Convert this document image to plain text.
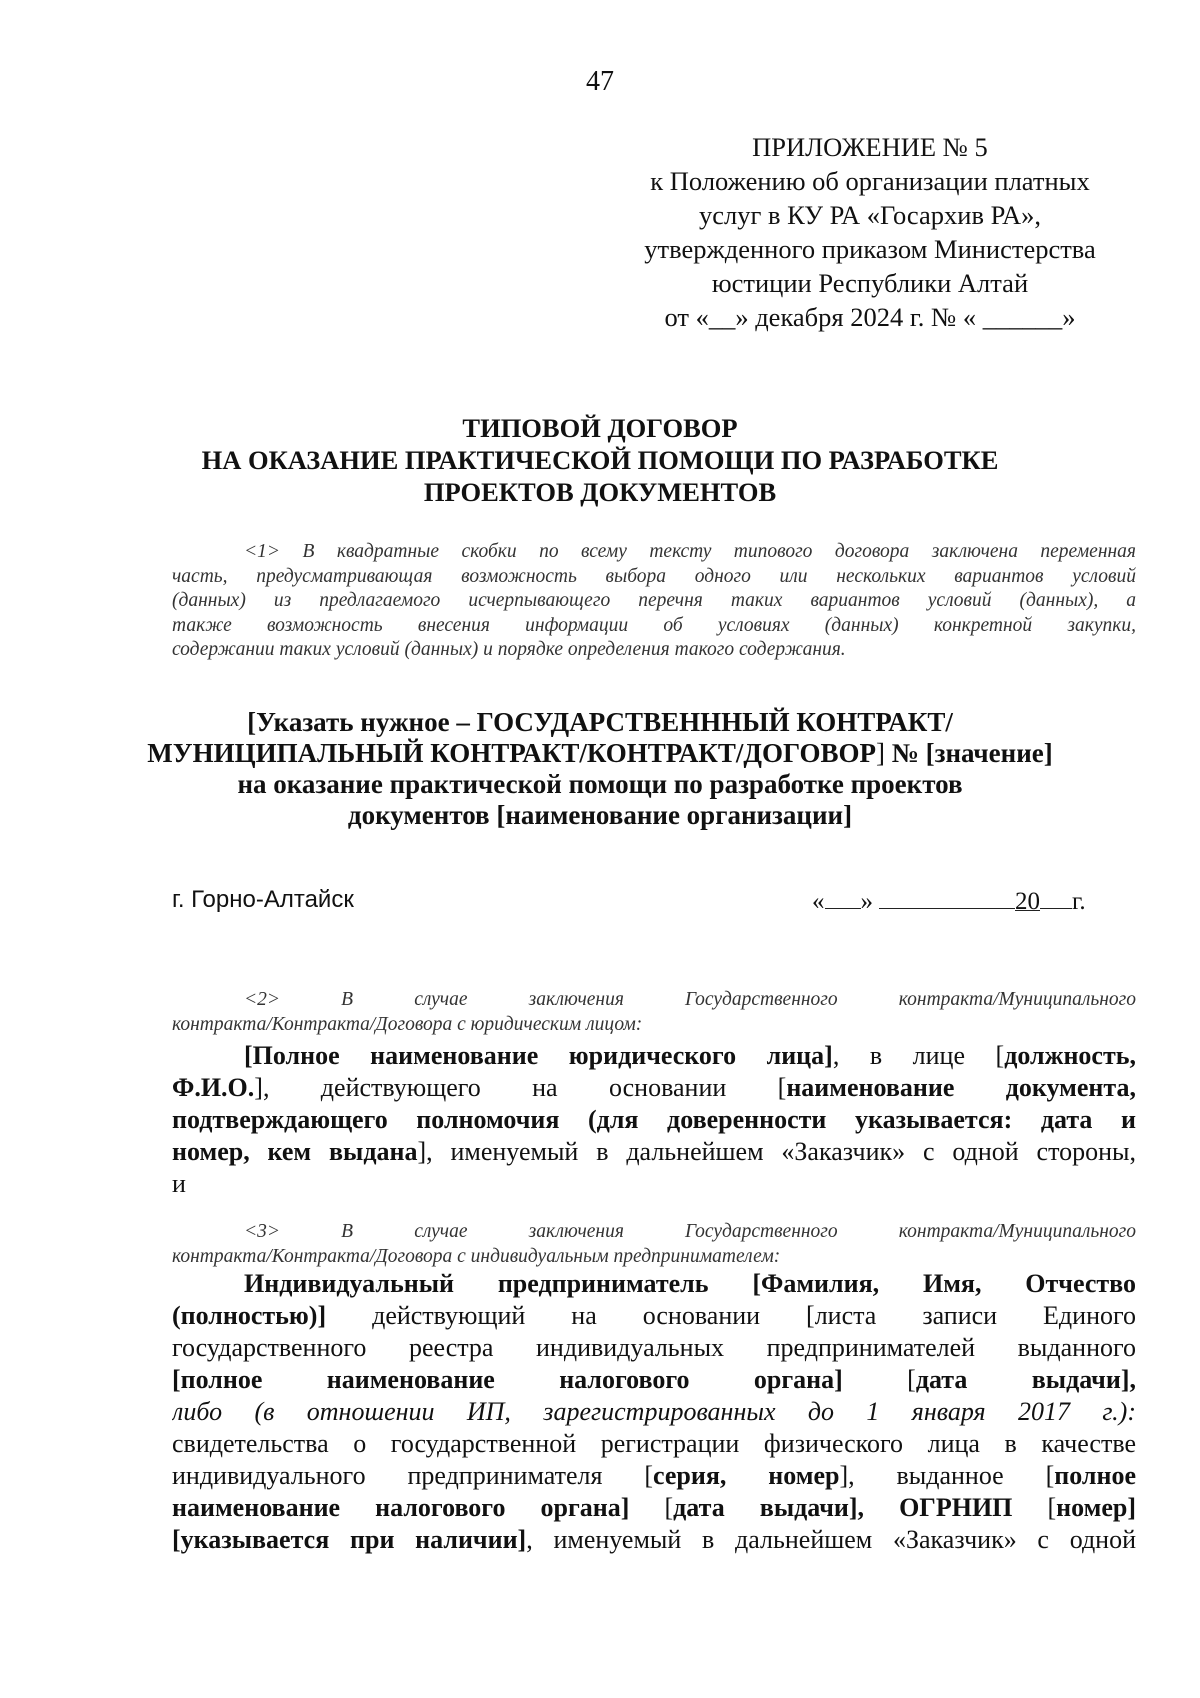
47
ПРИЛОЖЕНИЕ № 5
к Положению об организации платных
услуг в КУ РА «Госархив РА»,
утвержденного приказом Министерства
юстиции Республики Алтай
от «__» декабря 2024 г. № « ______»
ТИПОВОЙ ДОГОВОР
НА ОКАЗАНИЕ ПРАКТИЧЕСКОЙ ПОМОЩИ ПО РАЗРАБОТКЕ
ПРОЕКТОВ ДОКУМЕНТОВ
<1> В квадратные скобки по всему тексту типового договора заключена переменная
часть, предусматривающая возможность выбора одного или нескольких вариантов условий
(данных) из предлагаемого исчерпывающего перечня таких вариантов условий (данных), а
также возможность внесения информации об условиях (данных) конкретной закупки,
содержании таких условий (данных) и порядке определения такого содержания.
[Указать нужное – ГОСУДАРСТВЕНННЫЙ КОНТРАКТ/
МУНИЦИПАЛЬНЫЙ КОНТРАКТ/КОНТРАКТ/ДОГОВОР] № [значение]
на оказание практической помощи по разработке проектов
документов [наименование организации]
г. Горно-Алтайск	« »	20 г.
<2> В случае заключения Государственного контракта/Муниципального
контракта/Контракта/Договора с юридическим лицом:
[Полное наименование юридического лица], в лице [должность,
Ф.И.О.], действующего на основании [наименование документа,
подтверждающего полномочия (для доверенности указывается: дата и
номер, кем выдана], именуемый в дальнейшем «Заказчик» с одной стороны,
и
<3> В случае заключения Государственного контракта/Муниципального
контракта/Контракта/Договора с индивидуальным предпринимателем:
Индивидуальный предприниматель [Фамилия, Имя, Отчество
(полностью)] действующий на основании [листа записи Единого
государственного реестра индивидуальных предпринимателей выданного
[полное наименование налогового органа] [дата выдачи],
либо (в отношении ИП, зарегистрированных до 1 января 2017 г.):
свидетельства о государственной регистрации физического лица в качестве
индивидуального предпринимателя [серия, номер], выданное [полное
наименование налогового органа] [дата выдачи], ОГРНИП [номер]
[указывается при наличии], именуемый в дальнейшем «Заказчик» с одной
